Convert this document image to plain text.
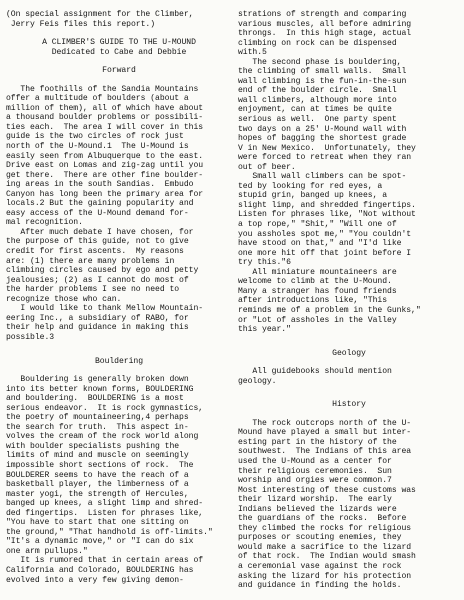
(On special assignment for the Climber,

Jerry Feis files this report.)

A CLIMBER'S GUIDE TO THE U-MOUND

Dedicated to Cabe and Debbie

Forward

The foothills of the Sandia Mountains

offer a multitude of boulders (about a

million of them), all of which have about

a thousand boulder problems or possibili-

ties each.  The area I will cover in this

guide is the two circles of rock just

north of the U-Mound.1  The U-Mound is

easily seen from Albuquerque to the east.

Drive east on Lomas and zig-zag until you

get there.  There are other fine boulder-

ing areas in the south Sandias.  Embudo

Canyon has long been the primary area for

locals.2 But the gaining popularity and

easy access of the U-Mound demand for-

mal recognition.

After much debate I have chosen, for

the purpose of this guide, not to give

credit for first ascents.  My reasons

are: (1) there are many problems in

climbing circles caused by ego and petty

jealousies; (2) as I cannot do most of

the harder problems I see no need to

recognize those who can.

I would like to thank Mellow Mountain-

eering Inc., a subsidiary of RABO, for

their help and guidance in making this

possible.3

Bouldering

Bouldering is generally broken down

into its better known forms, BOULDERING

and bouldering.  BOULDERING is a most

serious endeavor.  It is rock gymnastics,

the poetry of mountaineering,4 perhaps

the search for truth.  This aspect in-

volves the cream of the rock world along

with boulder specialists pushing the

limits of mind and muscle on seemingly

impossible short sections of rock.  The

BOULDERER seems to have the reach of a

basketball player, the limberness of a

master yogi, the strength of Hercules,

banged up knees, a slight limp and shred-

ded fingertips.  Listen for phrases like,

"You have to start that one sitting on

the ground," "That handhold is off-limits."

"It's a dynamic move," or "I can do six

one arm pullups."

It is rumored that in certain areas of

California and Colorado, BOULDERING has

evolved into a very few giving demon-

strations of strength and comparing

various muscles, all before admiring

throngs.  In this high stage, actual

climbing on rock can be dispensed

with.5

The second phase is bouldering,

the climbing of small walls.  Small

wall climbing is the fun-in-the-sun

end of the boulder circle.  Small

wall climbers, although more into

enjoyment, can at times be quite

serious as well.  One party spent

two days on a 25' U-Mound wall with

hopes of bagging the shortest grade

V in New Mexico.  Unfortunately, they

were forced to retreat when they ran

out of beer.

Small wall climbers can be spot-

ted by looking for red eyes, a

stupid grin, banged up knees, a

slight limp, and shredded fingertips.

Listen for phrases like, "Not without

a top rope," "Shit," "Will one of

you assholes spot me," "You couldn't

have stood on that," and "I'd like

one more hit off that joint before I

try this."6

All miniature mountaineers are

welcome to climb at the U-Mound.

Many a stranger has found friends

after introductions like, "This

reminds me of a problem in the Gunks,"

or "Lot of assholes in the Valley

this year."

Geology

All guidebooks should mention

geology.

History

The rock outcrops north of the U-

Mound have played a small but inter-

esting part in the history of the

southwest.  The Indians of this area

used the U-Mound as a center for

their religious ceremonies.  Sun

worship and orgies were common.7

Most interesting of these customs was

their lizard worship.  The early

Indians believed the lizards were

the guardians of the rocks.  Before

they climbed the rocks for religious

purposes or scouting enemies, they

would make a sacrifice to the lizard

of that rock.  The Indian would smash

a ceremonial vase against the rock

asking the lizard for his protection

and guidance in finding the holds.
